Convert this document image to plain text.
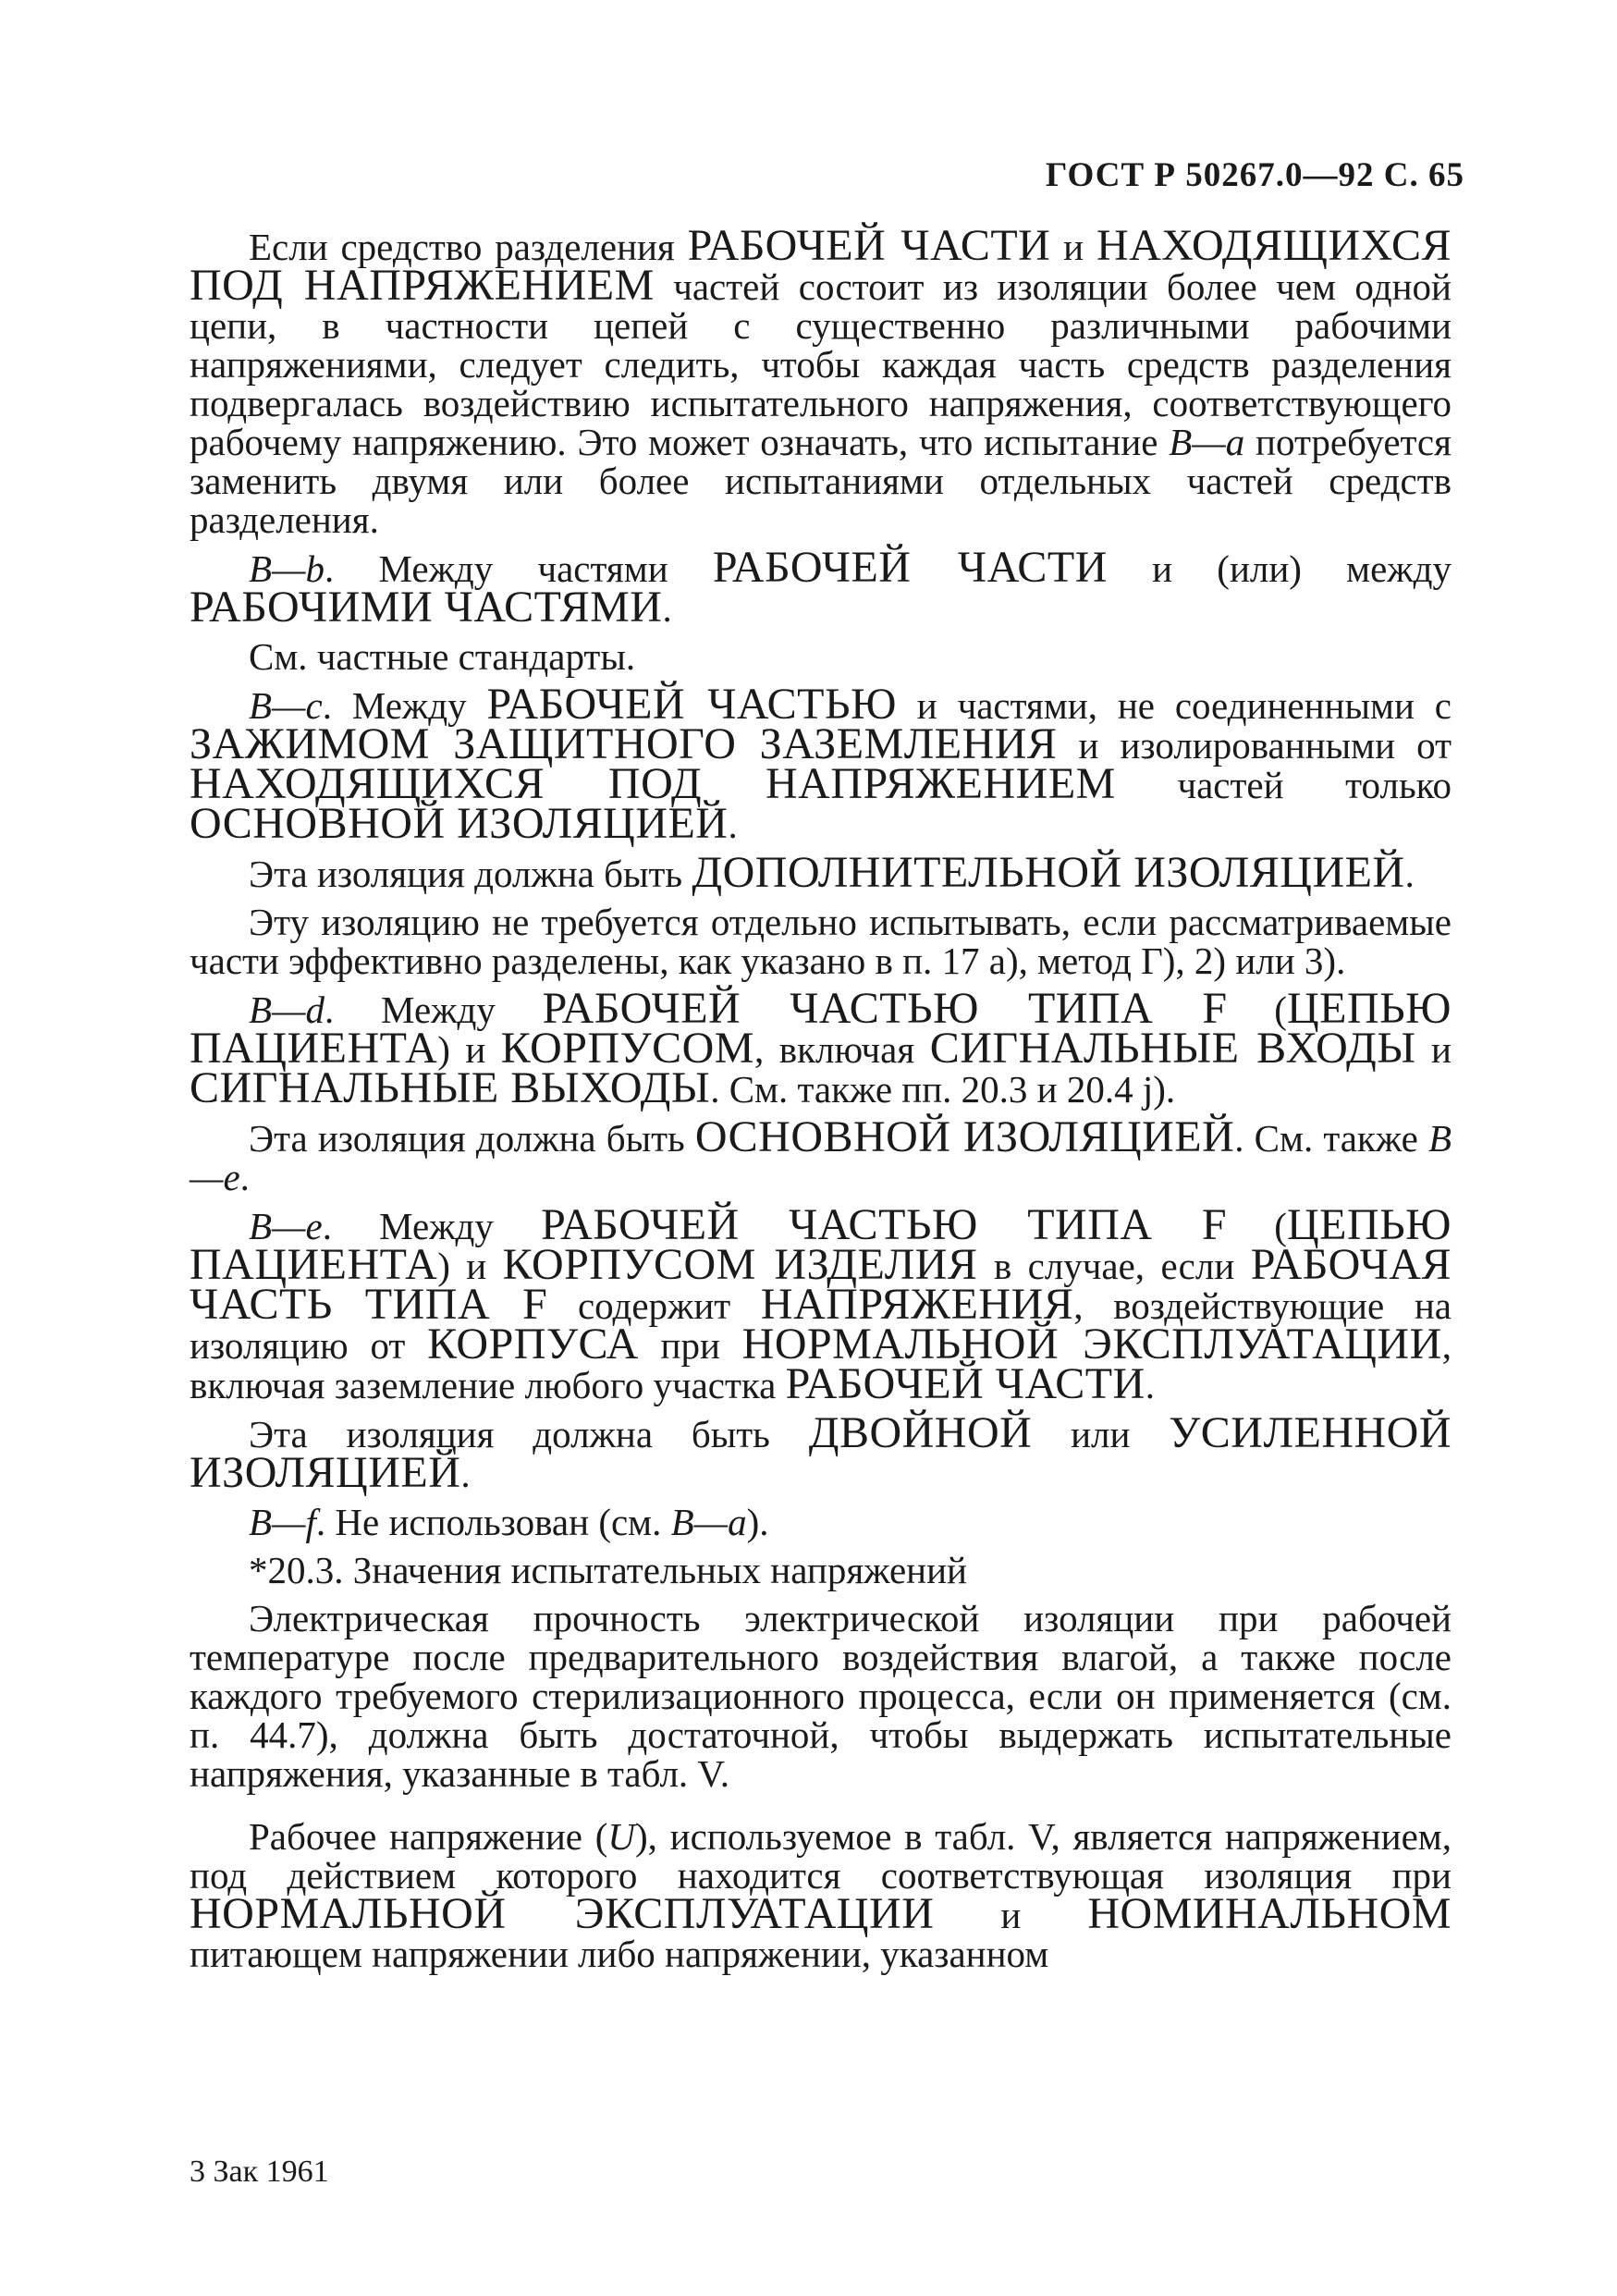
ГОСТ Р 50267.0—92 С. 65

Если средство разделения РАБОЧЕЙ ЧАСТИ и НАХОДЯЩИХСЯ ПОД НАПРЯЖЕНИЕМ частей состоит из изоляции более чем одной цепи, в частности цепей с существенно различными рабочими напряжениями, следует следить, чтобы каждая часть средств разделения подвергалась воздействию испытательного напряжения, соответствующего рабочему напряжению. Это может означать, что испытание В—а потребуется заменить двумя или более испытаниями отдельных частей средств разделения.

В—b. Между частями РАБОЧЕЙ ЧАСТИ и (или) между РАБОЧИМИ ЧАСТЯМИ.

См. частные стандарты.

В—с. Между РАБОЧЕЙ ЧАСТЬЮ и частями, не соединенными с ЗАЖИМОМ ЗАЩИТНОГО ЗАЗЕМЛЕНИЯ и изолированными от НАХОДЯЩИХСЯ ПОД НАПРЯЖЕНИЕМ частей только ОСНОВНОЙ ИЗОЛЯЦИЕЙ.

Эта изоляция должна быть ДОПОЛНИТЕЛЬНОЙ ИЗОЛЯЦИЕЙ.

Эту изоляцию не требуется отдельно испытывать, если рассматриваемые части эффективно разделены, как указано в п. 17 а), метод Г), 2) или 3).

В—d. Между РАБОЧЕЙ ЧАСТЬЮ ТИПА F (ЦЕПЬЮ ПАЦИЕНТА) и КОРПУСОМ, включая СИГНАЛЬНЫЕ ВХОДЫ и СИГНАЛЬНЫЕ ВЫХОДЫ. См. также пп. 20.3 и 20.4 j).

Эта изоляция должна быть ОСНОВНОЙ ИЗОЛЯЦИЕЙ. См. также В—е.

В—е. Между РАБОЧЕЙ ЧАСТЬЮ ТИПА F (ЦЕПЬЮ ПАЦИЕНТА) и КОРПУСОМ ИЗДЕЛИЯ в случае, если РАБОЧАЯ ЧАСТЬ ТИПА F содержит НАПРЯЖЕНИЯ, воздействующие на изоляцию от КОРПУСА при НОРМАЛЬНОЙ ЭКСПЛУАТАЦИИ, включая заземление любого участка РАБОЧЕЙ ЧАСТИ.

Эта изоляция должна быть ДВОЙНОЙ или УСИЛЕННОЙ ИЗОЛЯЦИЕЙ.

В—f. Не использован (см. В—а).

*20.3. Значения испытательных напряжений

Электрическая прочность электрической изоляции при рабочей температуре после предварительного воздействия влагой, а также после каждого требуемого стерилизационного процесса, если он применяется (см. п. 44.7), должна быть достаточной, чтобы выдержать испытательные напряжения, указанные в табл. V.

Рабочее напряжение (U), используемое в табл. V, является напряжением, под действием которого находится соответствующая изоляция при НОРМАЛЬНОЙ ЭКСПЛУАТАЦИИ и НОМИНАЛЬНОМ питающем напряжении либо напряжении, указанном

3 Зак 1961
